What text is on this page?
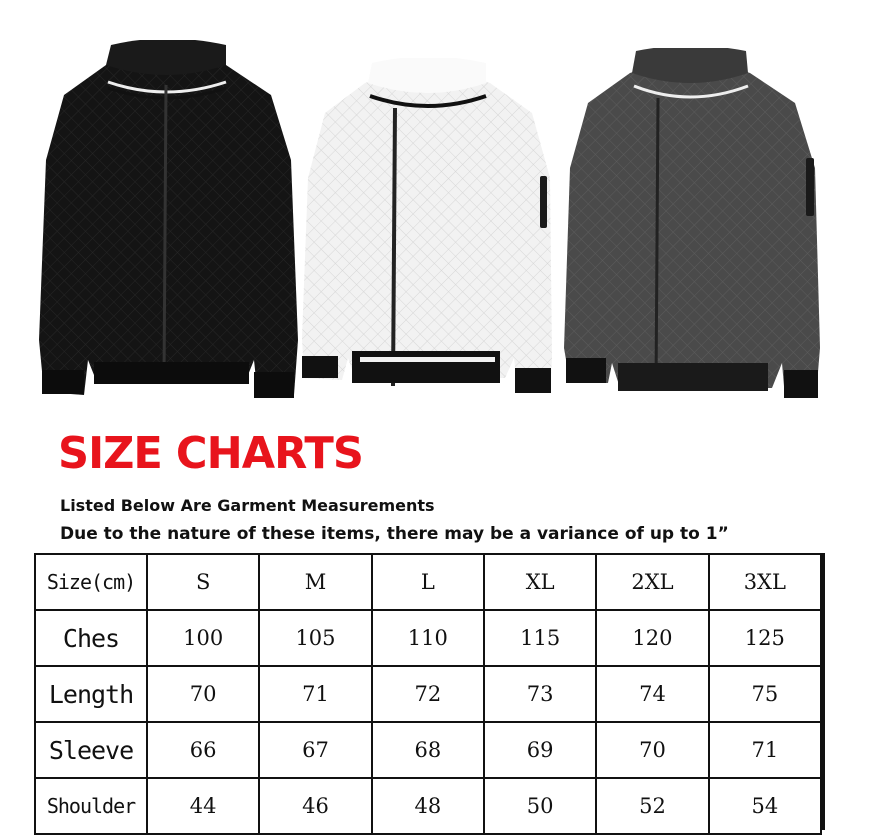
SIZE CHARTS
Listed Below Are Garment Measurements
Due to the nature of these items, there may be a variance of up to 1”
Size(cm)	S	M	L	XL	2XL	3XL
Ches	100	105	110	115	120	125
Length	70	71	72	73	74	75
Sleeve	66	67	68	69	70	71
Shoulder	44	46	48	50	52	54
